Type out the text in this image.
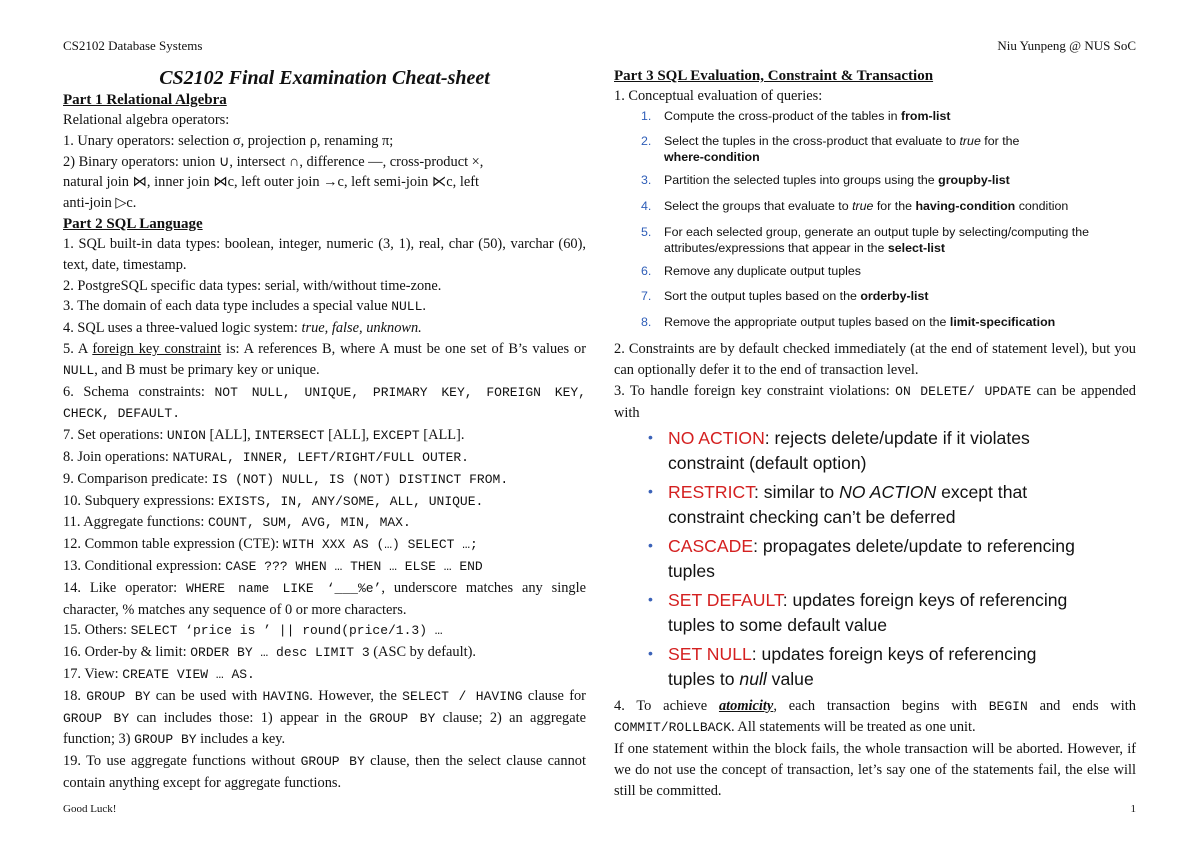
CS2102 Database Systems	Niu Yunpeng @ NUS SoC
CS2102 Final Examination Cheat-sheet
Part 1 Relational Algebra

Relational algebra operators:

1. Unary operators: selection σ, projection ρ, renaming π;

2) Binary operators: union ∪, intersect ∩, difference —, cross-product ×,
natural join ⋈, inner join ⋈c, left outer join →c, left semi-join ⋉c, left
anti-join ▷c.

Part 2 SQL Language

1. SQL built-in data types: boolean, integer, numeric (3, 1), real, char (50), varchar (60), text, date, timestamp.

2. PostgreSQL specific data types: serial, with/without time-zone.

3. The domain of each data type includes a special value NULL.

4. SQL uses a three-valued logic system: true, false, unknown.

5. A foreign key constraint is: A references B, where A must be one set of B’s values or NULL, and B must be primary key or unique.

6. Schema constraints: NOT NULL, UNIQUE, PRIMARY KEY, FOREIGN KEY, CHECK, DEFAULT.

7. Set operations: UNION [ALL], INTERSECT [ALL], EXCEPT [ALL].

8. Join operations: NATURAL, INNER, LEFT/RIGHT/FULL OUTER.

9. Comparison predicate: IS (NOT) NULL, IS (NOT) DISTINCT FROM.

10. Subquery expressions: EXISTS, IN, ANY/SOME, ALL, UNIQUE.

11. Aggregate functions: COUNT, SUM, AVG, MIN, MAX.

12. Common table expression (CTE): WITH XXX AS (…) SELECT …;

13. Conditional expression: CASE ??? WHEN … THEN … ELSE … END

14. Like operator: WHERE name LIKE ‘___%e’, underscore matches any single character, % matches any sequence of 0 or more characters.

15. Others: SELECT ‘price is ’ || round(price/1.3) …

16. Order-by & limit: ORDER BY … desc LIMIT 3 (ASC by default).

17. View: CREATE VIEW … AS.

18. GROUP BY can be used with HAVING. However, the SELECT / HAVING clause for GROUP BY can includes those: 1) appear in the GROUP BY clause; 2) an aggregate function; 3) GROUP BY includes a key.

19. To use aggregate functions without GROUP BY clause, then the select clause cannot contain anything except for aggregate functions.

Part 3 SQL Evaluation, Constraint & Transaction

1. Conceptual evaluation of queries:

1.	Compute the cross-product of the tables in from-list
2.	Select the tuples in the cross-product that evaluate to true for the
where-condition
3.	Partition the selected tuples into groups using the groupby-list
4.	Select the groups that evaluate to true for the having-condition condition
5.	For each selected group, generate an output tuple by selecting/computing the
attributes/expressions that appear in the select-list
6.	Remove any duplicate output tuples
7.	Sort the output tuples based on the orderby-list
8.	Remove the appropriate output tuples based on the limit-specification

2. Constraints are by default checked immediately (at the end of statement level), but you can optionally defer it to the end of transaction level.

3. To handle foreign key constraint violations: ON DELETE/ UPDATE can be appended with

• NO ACTION: rejects delete/update if it violates
constraint (default option)
• RESTRICT: similar to NO ACTION except that
constraint checking can’t be deferred
• CASCADE: propagates delete/update to referencing
tuples
• SET DEFAULT: updates foreign keys of referencing
tuples to some default value
• SET NULL: updates foreign keys of referencing
tuples to null value

4. To achieve atomicity, each transaction begins with BEGIN and ends with COMMIT/ROLLBACK. All statements will be treated as one unit.

If one statement within the block fails, the whole transaction will be aborted. However, if we do not use the concept of transaction, let’s say one of the statements fail, the else will still be committed.

Good Luck!	1
